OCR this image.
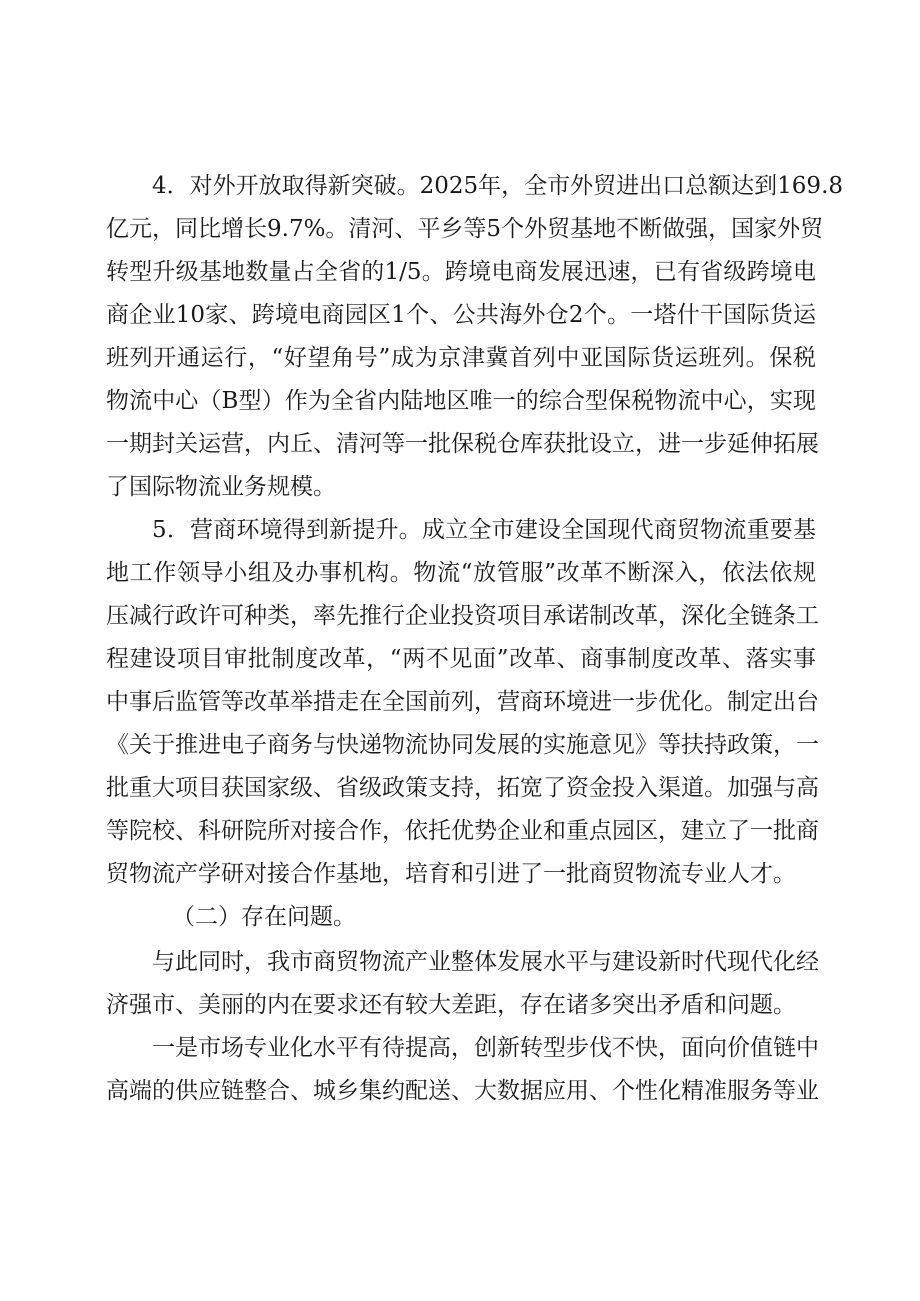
4．对外开放取得新突破。2025年，全市外贸进出口总额达到169.8
亿元，同比增长9.7%。清河、平乡等5个外贸基地不断做强，国家外贸
转型升级基地数量占全省的1/5。跨境电商发展迅速，已有省级跨境电
商企业10家、跨境电商园区1个、公共海外仓2个。一塔什干国际货运
班列开通运行，“好望角号”成为京津冀首列中亚国际货运班列。保税
物流中心（B型）作为全省内陆地区唯一的综合型保税物流中心，实现
一期封关运营，内丘、清河等一批保税仓库获批设立，进一步延伸拓展
了国际物流业务规模。
5．营商环境得到新提升。成立全市建设全国现代商贸物流重要基
地工作领导小组及办事机构。物流“放管服”改革不断深入，依法依规
压减行政许可种类，率先推行企业投资项目承诺制改革，深化全链条工
程建设项目审批制度改革，“两不见面”改革、商事制度改革、落实事
中事后监管等改革举措走在全国前列，营商环境进一步优化。制定出台
《关于推进电子商务与快递物流协同发展的实施意见》等扶持政策，一
批重大项目获国家级、省级政策支持，拓宽了资金投入渠道。加强与高
等院校、科研院所对接合作，依托优势企业和重点园区，建立了一批商
贸物流产学研对接合作基地，培育和引进了一批商贸物流专业人才。
（二）存在问题。
与此同时，我市商贸物流产业整体发展水平与建设新时代现代化经
济强市、美丽的内在要求还有较大差距，存在诸多突出矛盾和问题。
一是市场专业化水平有待提高，创新转型步伐不快，面向价值链中
高端的供应链整合、城乡集约配送、大数据应用、个性化精准服务等业
